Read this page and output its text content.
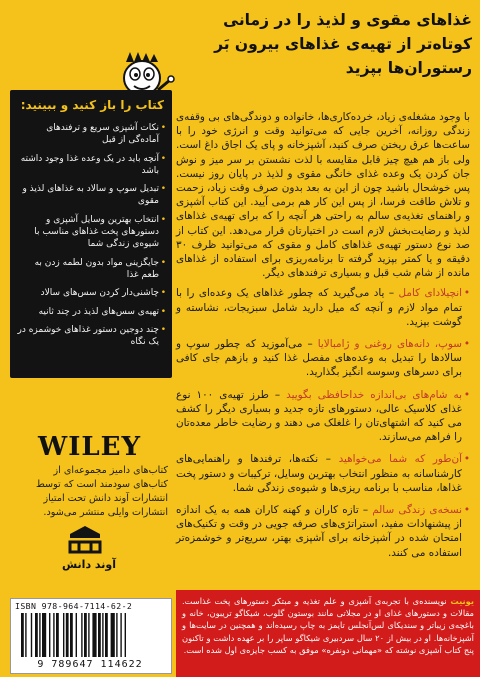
غذاهای مقوی و لذیذ را در زمانی کوتاه‌تر از تهیه‌ی غذاهای بیرون بَر رستوران‌ها بپزید
کتاب را باز کنید و ببینید:
• نکات آشپزی سریع و ترفندهای آماده‌گی از قبل
• آنچه باید در یک وعده غذا وجود داشته باشد
• تبدیل سوپ و سالاد به غذاهای لذیذ و مقوی
• انتخاب بهترین وسایل آشپزی و دستورهای پخت غذاهای مناسب با شیوه‌ی زندگی شما
• جایگزینی مواد بدون لطمه زدن به طعم غذا
• چاشنی‌دار کردن سس‌های سالاد
• تهیه‌ی سس‌های لذیذ در چند ثانیه
• چند دوجین دستور غذاهای خوشمزه در یک نگاه

با وجود مشغله‌ی زیاد، خرده‌کاری‌ها، خانواده و دوندگی‌های بی وقفه‌ی زندگی روزانه، آخرین جایی که می‌توانید وقت و انرژی خود را با ساعت‌ها عرق ریختن صرف کنید، آشپزخانه و پای یک اجاق داغ است. ولی باز هم هیچ چیز قابل مقایسه با لذت نشستن بر سر میز و نوش جان کردن یک وعده غذای خانگی مقوی و لذیذ در پایان روز نیست. پس خوشحال باشید چون از این به بعد بدون صرف وقت زیاد، زحمت و تلاش طاقت فرسا، از پس این کار هم برمی آیید. این کتاب آشپزی و راهنمای تغذیه‌ی سالم به راحتی هر آنچه را که برای تهیه‌ی غذاهای لذیذ و رضایت‌بخش لازم است در اختیارتان قرار می‌دهد. این کتاب از صد نوع دستور تهیه‌ی غذاهای کامل و مقوی که می‌توانید ظرف ۳۰ دقیقه و یا کمتر بپزید گرفته تا برنامه‌ریزی برای استفاده از غذاهای مانده از شام شب قبل و بسیاری ترفندهای دیگر.

• انچیلادای کامل – یاد می‌گیرید که چطور غذاهای یک وعده‌ای را با تمام مواد لازم و آنچه که میل دارید شامل سبزیجات، نشاسته و گوشت بپزید.
• سوپ، دانه‌های روغنی و ژامبالایا – می‌آموزید که چطور سوپ و سالادها را تبدیل به وعده‌های مفصل غذا کنید و بازهم جای کافی برای دسرهای وسوسه انگیز بگذارید.
• به شام‌های بی‌اندازه خداحافظی بگویید – طرز تهیه‌ی ۱۰۰ نوع غذای کلاسیک عالی، دستورهای تازه جدید و بسیاری دیگر را کشف می کنید که اشتهای‌تان را غلغلک می دهند و رضایت خاطر معده‌تان را فراهم می‌سازند.
• آن‌طور که شما می‌خواهید – نکته‌ها، ترفندها و راهنمایی‌های کارشناسانه به منظور انتخاب بهترین وسایل، ترکیبات و دستور پخت غذاها، مناسب با برنامه ریزی‌ها و شیوه‌ی زندگی شما.
• نسخه‌ی زندگی سالم – تازه کاران و کهنه کاران همه به یک اندازه از پیشنهادات مفید، استراتژی‌های صرفه جویی در وقت و تکنیک‌های امتحان شده در آشپزخانه برای آشپزی بهتر، سریع‌تر و خوشمزه‌تر استفاده می کنند.
WILEY
کتاب‌های دامیز مجموعه‌ای از کتاب‌های سودمند است که توسط انتشارات آوند دانش تحت امتیاز انتشارات وایلی منتشر می‌شود.
آوند دانش
ISBN 978-964-7114-62-2
9 789647 114622
یونیت نویسنده‌ی با تجربه‌ی آشپزی و علم تغذیه و مبتکر دستورهای پخت غذاست. مقالات و دستورهای غذای او در مجلاتی مانند بوستون گلوب، شیکاگو تریبون، خانه و باغچه‌ی زیباتر و سندیکای لس‌آنجلس تایمز به چاپ رسیده‌اند و همچنین در سایت‌ها و آشپزخانه‌ها. او در بیش از ۲۰ سال سردبیری شیکاگو ساپر را بر عهده داشت و تاکنون پنج کتاب آشپزی نوشته که «مهمانی دونفره» موفق به کسب جایزه‌ی اول شده است.
